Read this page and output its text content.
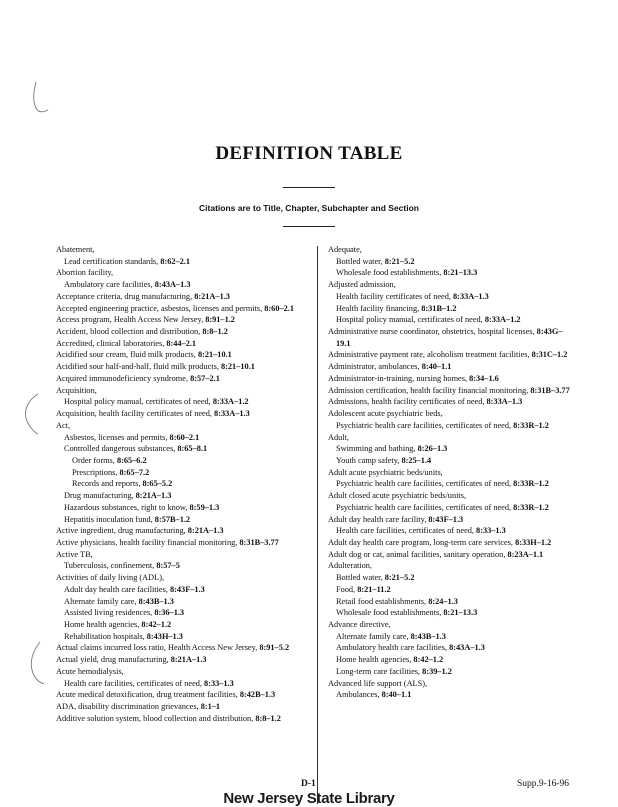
DEFINITION TABLE
Citations are to Title, Chapter, Subchapter and Section
Abatement,
Lead certification standards, 8:62–2.1
Abortion facility,
Ambulatory care facilities, 8:43A–1.3
Acceptance criteria, drug manufacturing, 8:21A–1.3
Accepted engineering practice, asbestos, licenses and permits, 8:60–2.1
Access program, Health Access New Jersey, 8:91–1.2
Accident, blood collection and distribution, 8:8–1.2
Accredited, clinical laboratories, 8:44–2.1
Acidified sour cream, fluid milk products, 8:21–10.1
Acidified sour half-and-half, fluid milk products, 8:21–10.1
Acquired immunodeficiency syndrome, 8:57–2.1
Acquisition,
Hospital policy manual, certificates of need, 8:33A–1.2
Acquisition, health facility certificates of need, 8:33A–1.3
Act,
Asbestos, licenses and permits, 8:60–2.1
Controlled dangerous substances, 8:65–8.1
Order forms, 8:65–6.2
Prescriptions, 8:65–7.2
Records and reports, 8:65–5.2
Drug manufacturing, 8:21A–1.3
Hazardous substances, right to know, 8:59–1.3
Hepatitis inoculation fund, 8:57B–1.2
Active ingredient, drug manufacturing, 8:21A–1.3
Active physicians, health facility financial monitoring, 8:31B–3.77
Active TB,
Tuberculosis, confinement, 8:57–5
Activities of daily living (ADL),
Adult day health care facilities, 8:43F–1.3
Alternate family care, 8:43B–1.3
Assisted living residences, 8:36–1.3
Home health agencies, 8:42–1.2
Rehabilitation hospitals, 8:43H–1.3
Actual claims incurred loss ratio, Health Access New Jersey, 8:91–5.2
Actual yield, drug manufacturing, 8:21A–1.3
Acute hemodialysis,
Health care facilities, certificates of need, 8:33–1.3
Acute medical detoxification, drug treatment facilities, 8:42B–1.3
ADA, disability discrimination grievances, 8:1–1
Additive solution system, blood collection and distribution, 8:8–1.2
Adequate,
Bottled water, 8:21–5.2
Wholesale food establishments, 8:21–13.3
Adjusted admission,
Health facility certificates of need, 8:33A–1.3
Health facility financing, 8:31B–1.2
Hospital policy manual, certificates of need, 8:33A–1.2
Administrative nurse coordinator, obstetrics, hospital licenses, 8:43G–19.1
Administrative payment rate, alcoholism treatment facilities, 8:31C–1.2
Administrator, ambulances, 8:40–1.1
Administrator-in-training, nursing homes, 8:34–1.6
Admission certification, health facility financial monitoring, 8:31B–3.77
Admissions, health facility certificates of need, 8:33A–1.3
Adolescent acute psychiatric beds,
Psychiatric health care facilities, certificates of need, 8:33R–1.2
Adult,
Swimming and bathing, 8:26–1.3
Youth camp safety, 8:25–1.4
Adult acute psychiatric beds/units,
Psychiatric health care facilities, certificates of need, 8:33R–1.2
Adult closed acute psychiatric beds/units,
Psychiatric health care facilities, certificates of need, 8:33R–1.2
Adult day health care facility, 8:43F–1.3
Health care facilities, certificates of need, 8:33–1.3
Adult day health care program, long-term care services, 8:33H–1.2
Adult dog or cat, animal facilities, sanitary operation, 8:23A–1.1
Adulteration,
Bottled water, 8:21–5.2
Food, 8:21–11.2
Retail food establishments, 8:24–1.3
Wholesale food establishments, 8:21–13.3
Advance directive,
Alternate family care, 8:43B–1.3
Ambulatory health care facilities, 8:43A–1.3
Home health agencies, 8:42–1.2
Long-term care facilities, 8:39–1.2
Advanced life support (ALS),
Ambulances, 8:40–1.1
D-1	Supp.9-16-96
New Jersey State Library
